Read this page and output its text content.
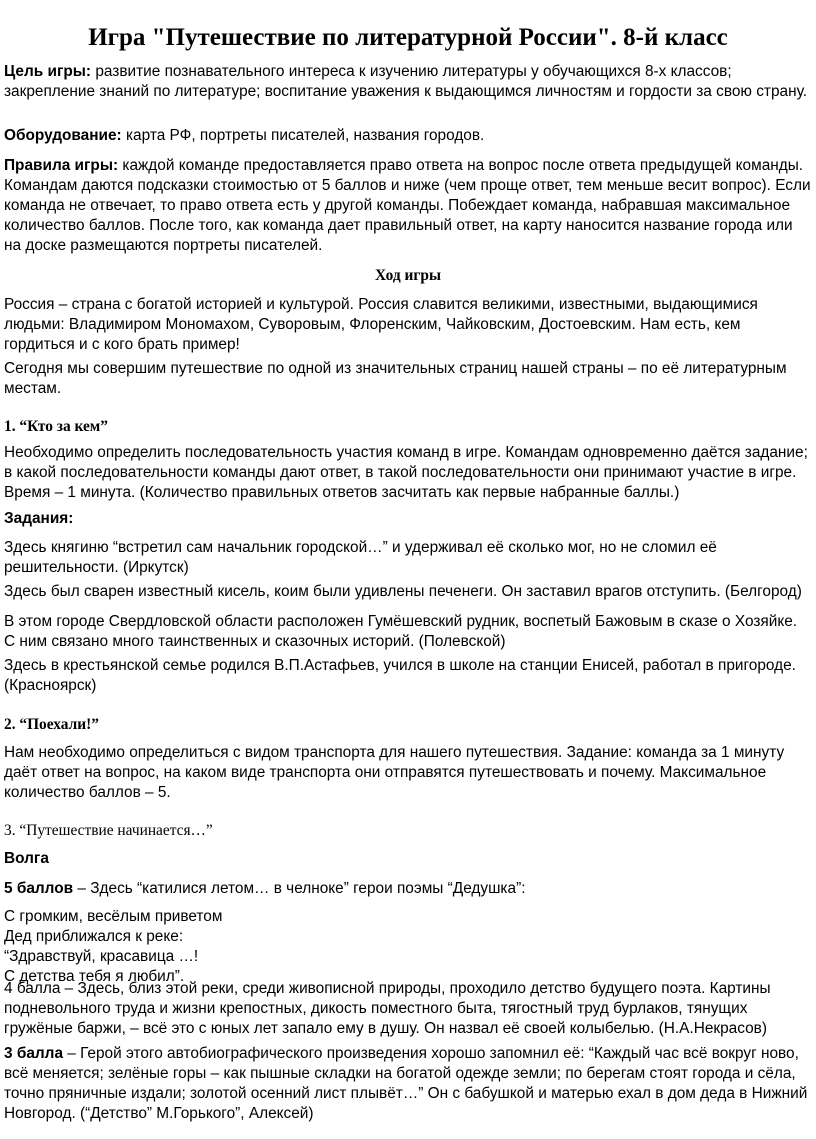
Игра "Путешествие по литературной России". 8-й класс
Цель игры: развитие познавательного интереса к изучению литературы у обучающихся 8-х классов; закрепление знаний по литературе; воспитание уважения к выдающимся личностям и гордости за свою страну.
Оборудование: карта РФ, портреты писателей, названия городов.
Правила игры: каждой команде предоставляется право ответа на вопрос после ответа предыдущей команды. Командам даются подсказки стоимостью от 5 баллов и ниже (чем проще ответ, тем меньше весит вопрос). Если команда не отвечает, то право ответа есть у другой команды. Побеждает команда, набравшая максимальное количество баллов. После того, как команда дает правильный ответ, на карту наносится название города или на доске размещаются портреты писателей.
Ход игры
Россия – страна с богатой историей и культурой. Россия славится великими, известными, выдающимися людьми: Владимиром Мономахом, Суворовым, Флоренским, Чайковским, Достоевским. Нам есть, кем гордиться и с кого брать пример!
Сегодня мы совершим путешествие по одной из значительных страниц нашей страны – по её литературным местам.
1. “Кто за кем”
Необходимо определить последовательность участия команд в игре. Командам одновременно даётся задание; в какой последовательности команды дают ответ, в такой последовательности они принимают участие в игре. Время – 1 минута. (Количество правильных ответов засчитать как первые набранные баллы.)
Задания:
Здесь княгиню “встретил сам начальник городской…” и удерживал её сколько мог, но не сломил её решительности. (Иркутск)
Здесь был сварен известный кисель, коим были удивлены печенеги. Он заставил врагов отступить. (Белгород)
В этом городе Свердловской области расположен Гумёшевский рудник, воспетый Бажовым в сказе о Хозяйке. С ним связано много таинственных и сказочных историй. (Полевской)
Здесь в крестьянской семье родился В.П.Астафьев, учился в школе на станции Енисей, работал в пригороде. (Красноярск)
2. “Поехали!”
Нам необходимо определиться с видом транспорта для нашего путешествия. Задание: команда за 1 минуту даёт ответ на вопрос, на каком виде транспорта они отправятся путешествовать и почему. Максимальное количество баллов – 5.
3. “Путешествие начинается…”
Волга
5 баллов – Здесь “катилися летом… в челноке” герои поэмы “Дедушка”:
С громким, весёлым приветом
Дед приближался к реке:
“Здравствуй, красавица …!
С детства тебя я любил”.
4 балла – Здесь, близ этой реки, среди живописной природы, проходило детство будущего поэта. Картины подневольного труда и жизни крепостных, дикость поместного быта, тягостный труд бурлаков, тянущих гружёные баржи, – всё это с юных лет запало ему в душу. Он назвал её своей колыбелью. (Н.А.Некрасов)
3 балла – Герой этого автобиографического произведения хорошо запомнил её: “Каждый час всё вокруг ново, всё меняется; зелёные горы – как пышные складки на богатой одежде земли; по берегам стоят города и сёла, точно пряничные издали; золотой осенний лист плывёт…” Он с бабушкой и матерью ехал в дом деда в Нижний Новгород. (“Детство” М.Горького”, Алексей)
